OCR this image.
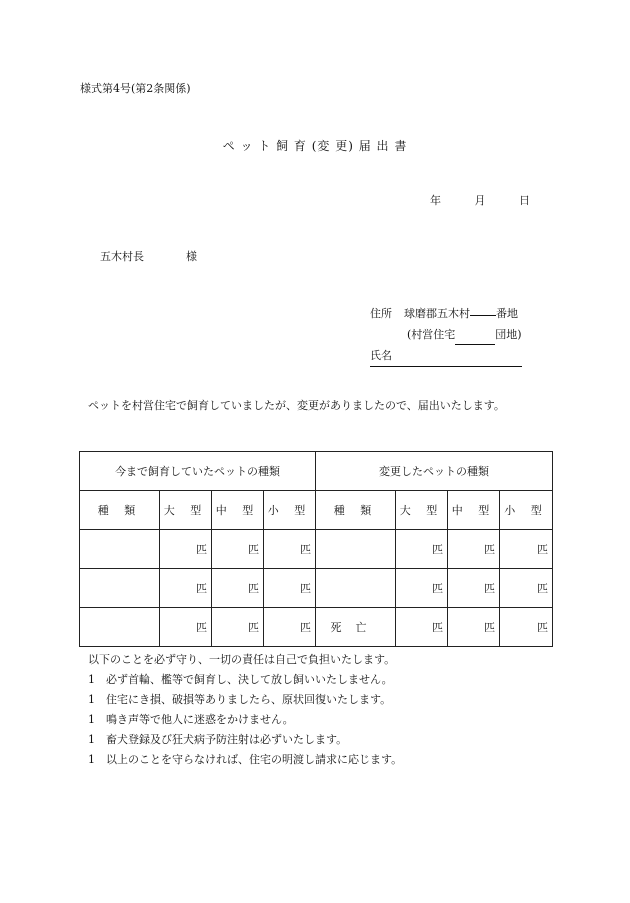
様式第4号(第2条関係)
ペ ッ ト 飼 育 (変 更) 届 出 書
年	月	日
五木村長	様
住所 球磨郡五木村 番地
(村営住宅	団地)
氏名
ペットを村営住宅で飼育していましたが、変更がありましたので、届出いたします。
今まで飼育していたペットの種類				変更したペットの種類			
種 類	大 型	中 型	小 型	種 類	大 型	中 型	小 型
	匹	匹	匹		匹	匹	匹
	匹	匹	匹		匹	匹	匹
	匹	匹	匹	死亡	匹	匹	匹
以下のことを必ず守り、一切の責任は自己で負担いたします。
1	必ず首輪、檻等で飼育し、決して放し飼いいたしません。
1	住宅にき損、破損等ありましたら、原状回復いたします。
1	鳴き声等で他人に迷惑をかけません。
1	畜犬登録及び狂犬病予防注射は必ずいたします。
1	以上のことを守らなければ、住宅の明渡し請求に応じます。
